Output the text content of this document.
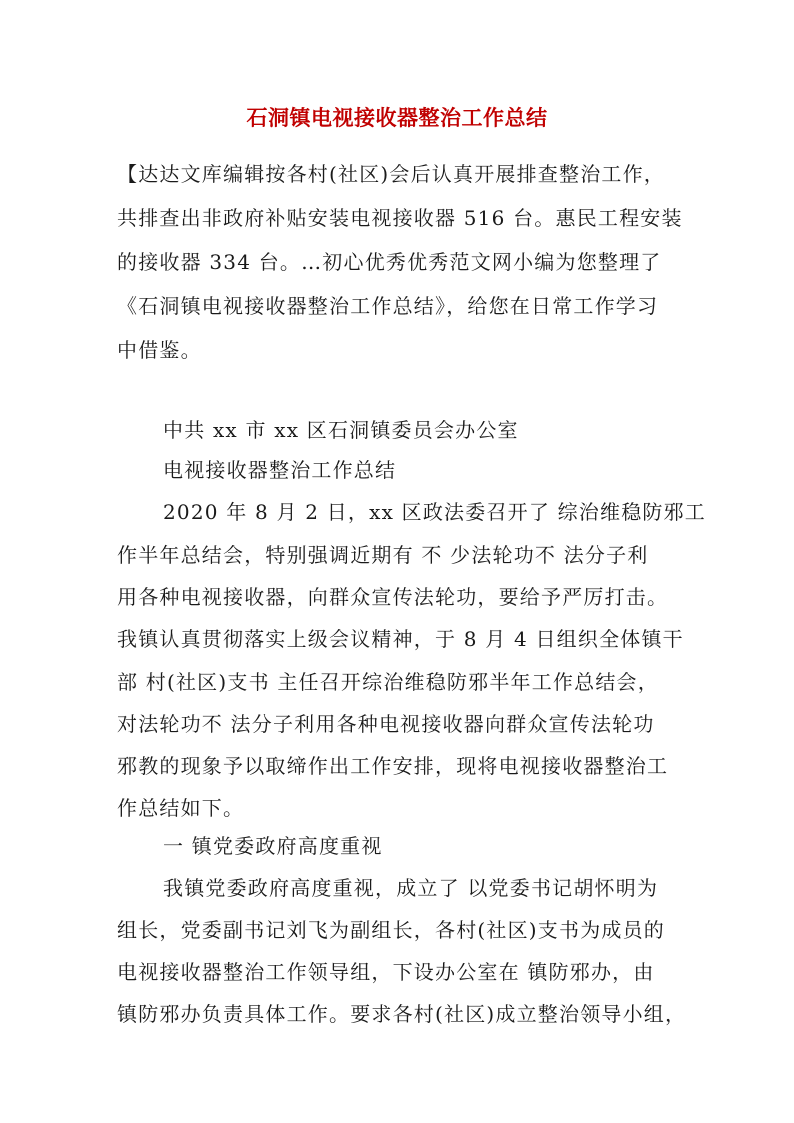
石洞镇电视接收器整治工作总结

【达达文库编辑按各村(社区)会后认真开展排查整治工作，

共排查出非政府补贴安装电视接收器 516 台。惠民工程安装

的接收器 334 台。…初心优秀优秀范文网小编为您整理了

《石洞镇电视接收器整治工作总结》，给您在日常工作学习

中借鉴。

中共 xx 市 xx 区石洞镇委员会办公室

电视接收器整治工作总结

2020 年 8 月 2 日，xx 区政法委召开了 综治维稳防邪工

作半年总结会，特别强调近期有 不 少法轮功不 法分子利

用各种电视接收器，向群众宣传法轮功，要给予严厉打击。

我镇认真贯彻落实上级会议精神，于 8 月 4 日组织全体镇干

部 村(社区)支书 主任召开综治维稳防邪半年工作总结会，

对法轮功不 法分子利用各种电视接收器向群众宣传法轮功

邪教的现象予以取缔作出工作安排，现将电视接收器整治工

作总结如下。

一 镇党委政府高度重视

我镇党委政府高度重视，成立了 以党委书记胡怀明为

组长，党委副书记刘飞为副组长，各村(社区)支书为成员的

电视接收器整治工作领导组，下设办公室在 镇防邪办，由

镇防邪办负责具体工作。要求各村(社区)成立整治领导小组，
